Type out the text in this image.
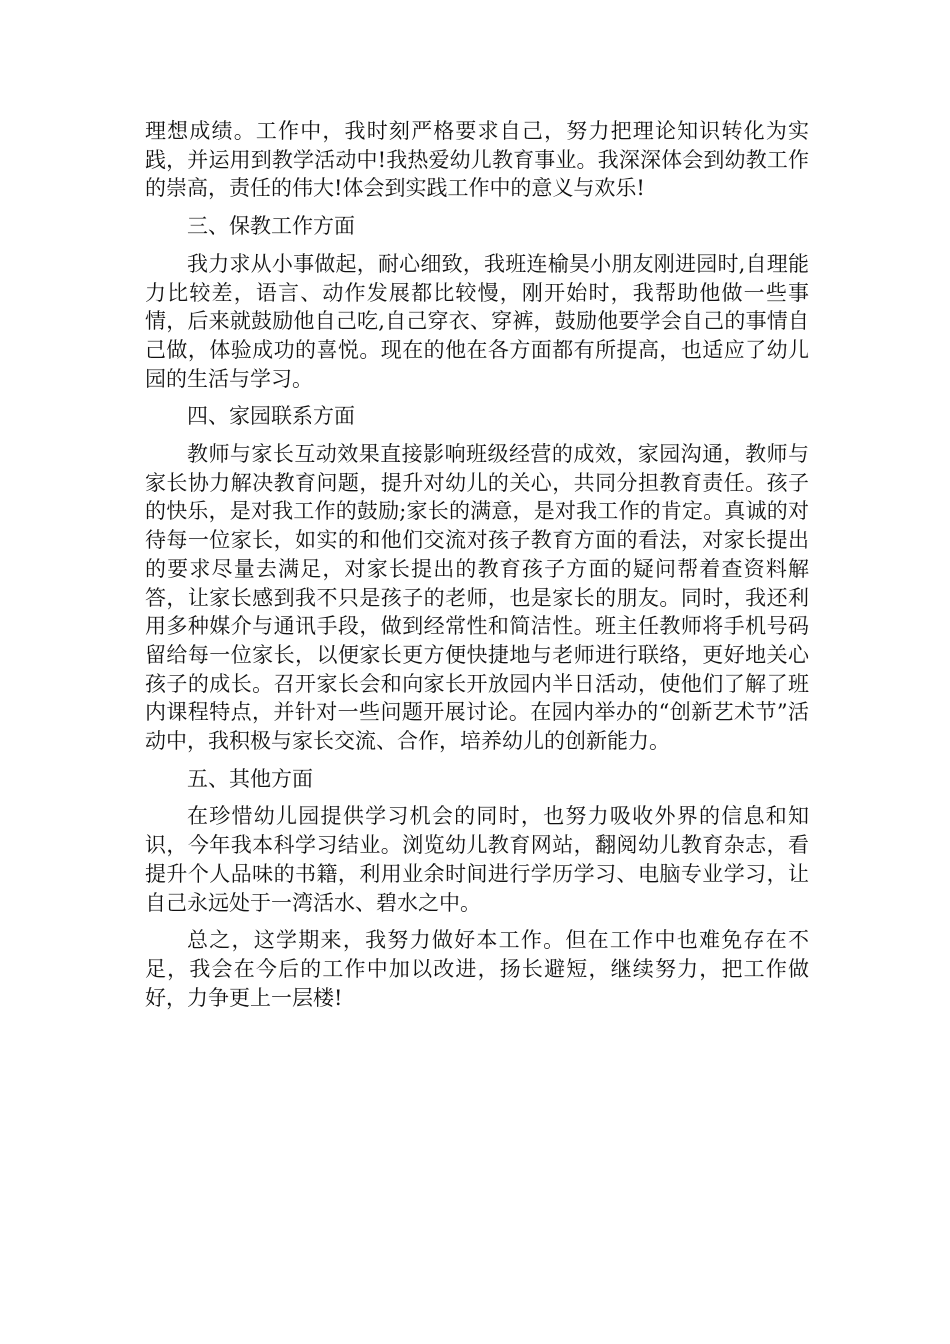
理想成绩。工作中，我时刻严格要求自己，努力把理论知识转化为实践，并运用到教学活动中!我热爱幼儿教育事业。我深深体会到幼教工作的崇高，责任的伟大!体会到实践工作中的意义与欢乐!

三、保教工作方面

我力求从小事做起，耐心细致，我班连榆昊小朋友刚进园时,自理能力比较差，语言、动作发展都比较慢，刚开始时，我帮助他做一些事情，后来就鼓励他自己吃,自己穿衣、穿裤，鼓励他要学会自己的事情自己做，体验成功的喜悦。现在的他在各方面都有所提高，也适应了幼儿园的生活与学习。

四、家园联系方面

教师与家长互动效果直接影响班级经营的成效，家园沟通，教师与家长协力解决教育问题，提升对幼儿的关心，共同分担教育责任。孩子的快乐，是对我工作的鼓励;家长的满意，是对我工作的肯定。真诚的对待每一位家长，如实的和他们交流对孩子教育方面的看法，对家长提出的要求尽量去满足，对家长提出的教育孩子方面的疑问帮着查资料解答，让家长感到我不只是孩子的老师，也是家长的朋友。同时，我还利用多种媒介与通讯手段，做到经常性和简洁性。班主任教师将手机号码留给每一位家长，以便家长更方便快捷地与老师进行联络，更好地关心孩子的成长。召开家长会和向家长开放园内半日活动，使他们了解了班内课程特点，并针对一些问题开展讨论。在园内举办的“创新艺术节”活动中，我积极与家长交流、合作，培养幼儿的创新能力。

五、其他方面

在珍惜幼儿园提供学习机会的同时，也努力吸收外界的信息和知识，今年我本科学习结业。浏览幼儿教育网站，翻阅幼儿教育杂志，看提升个人品味的书籍，利用业余时间进行学历学习、电脑专业学习，让自己永远处于一湾活水、碧水之中。

总之，这学期来，我努力做好本工作。但在工作中也难免存在不足，我会在今后的工作中加以改进，扬长避短，继续努力，把工作做好，力争更上一层楼!
